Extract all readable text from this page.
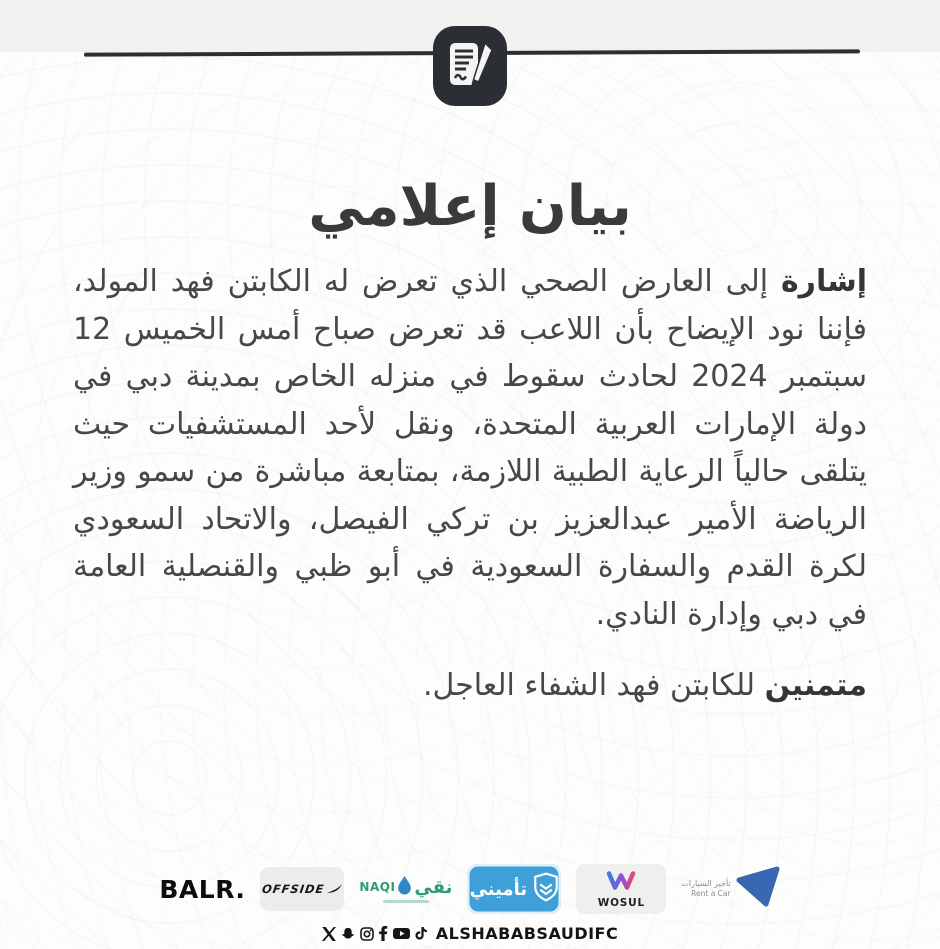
بيان إعلامي

إشارة إلى العارض الصحي الذي تعرض له الكابتن فهد المولد، فإننا نود الإيضاح بأن اللاعب قد تعرض صباح أمس الخميس 12 سبتمبر 2024 لحادث سقوط في منزله الخاص بمدينة دبي في دولة الإمارات العربية المتحدة، ونقل لأحد المستشفيات حيث يتلقى حالياً الرعاية الطبية اللازمة، بمتابعة مباشرة من سمو وزير الرياضة الأمير عبدالعزيز بن تركي الفيصل، والاتحاد السعودي لكرة القدم والسفارة السعودية في أبو ظبي والقنصلية العامة في دبي وإدارة النادي.

متمنين للكابتن فهد الشفاء العاجل.

BALR. OFFSIDE	NAQI نقي تأميني
WOSUL
تأجير السيارات
Rent a Car
ALSHABABSAUDIFC
